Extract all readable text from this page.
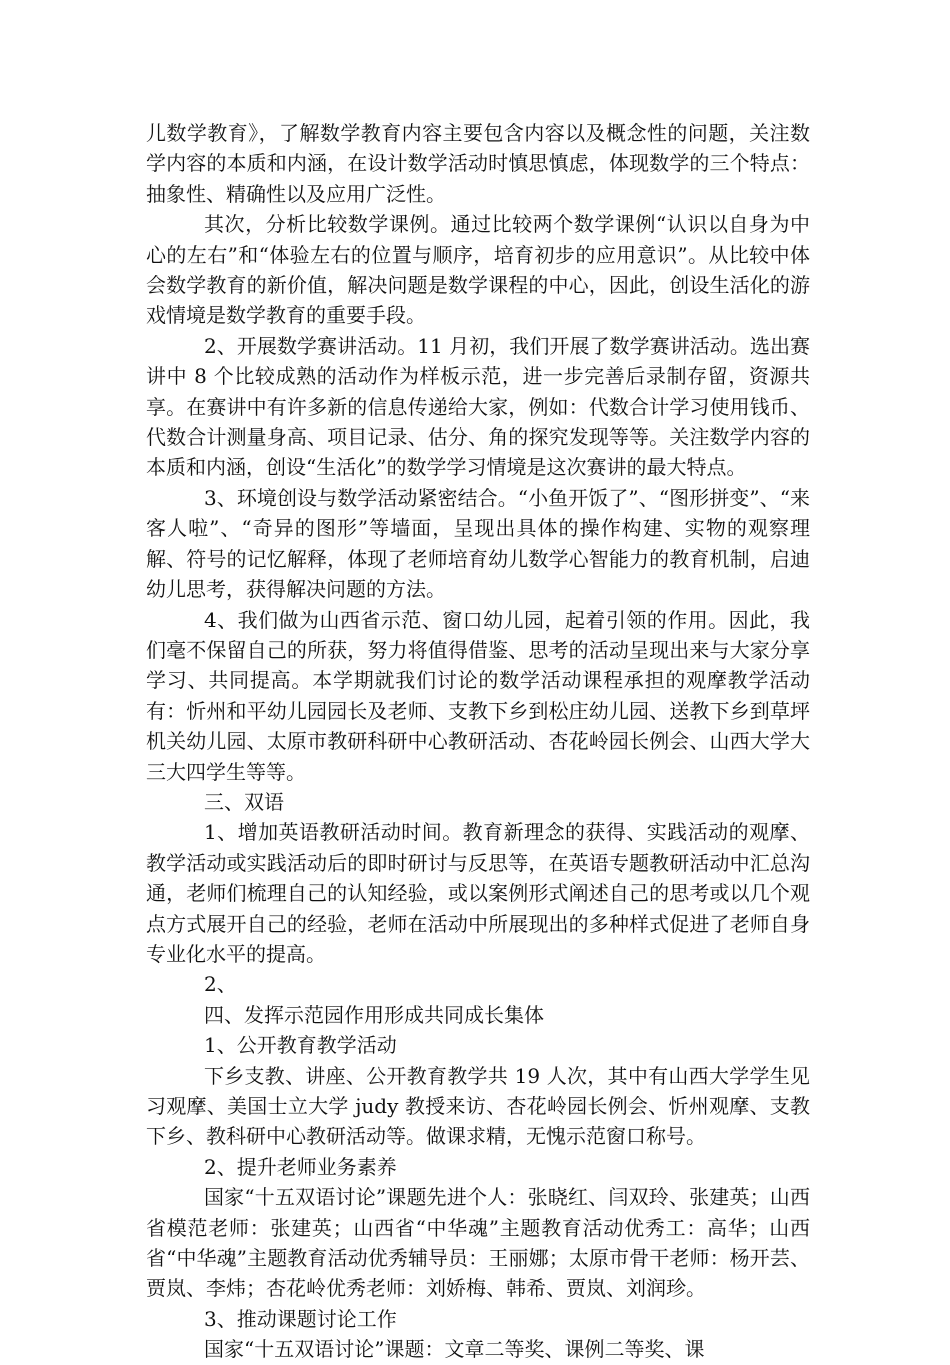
儿数学教育》，了解数学教育内容主要包含内容以及概念性的问题，关注数学内容的本质和内涵，在设计数学活动时慎思慎虑，体现数学的三个特点：抽象性、精确性以及应用广泛性。

其次，分析比较数学课例。通过比较两个数学课例“认识以自身为中心的左右”和“体验左右的位置与顺序，培育初步的应用意识”。从比较中体会数学教育的新价值，解决问题是数学课程的中心，因此，创设生活化的游戏情境是数学教育的重要手段。

2、开展数学赛讲活动。11 月初，我们开展了数学赛讲活动。选出赛讲中 8 个比较成熟的活动作为样板示范，进一步完善后录制存留，资源共享。在赛讲中有许多新的信息传递给大家，例如：代数合计学习使用钱币、代数合计测量身高、项目记录、估分、角的探究发现等等。关注数学内容的本质和内涵，创设“生活化”的数学学习情境是这次赛讲的最大特点。

3、环境创设与数学活动紧密结合。“小鱼开饭了”、“图形拼变”、“来客人啦”、“奇异的图形”等墙面，呈现出具体的操作构建、实物的观察理解、符号的记忆解释，体现了老师培育幼儿数学心智能力的教育机制，启迪幼儿思考，获得解决问题的方法。

4、我们做为山西省示范、窗口幼儿园，起着引领的作用。因此，我们毫不保留自己的所获，努力将值得借鉴、思考的活动呈现出来与大家分享学习、共同提高。本学期就我们讨论的数学活动课程承担的观摩教学活动有：忻州和平幼儿园园长及老师、支教下乡到松庄幼儿园、送教下乡到草坪机关幼儿园、太原市教研科研中心教研活动、杏花岭园长例会、山西大学大三大四学生等等。

三、双语

1、增加英语教研活动时间。教育新理念的获得、实践活动的观摩、教学活动或实践活动后的即时研讨与反思等，在英语专题教研活动中汇总沟通，老师们梳理自己的认知经验，或以案例形式阐述自己的思考或以几个观点方式展开自己的经验，老师在活动中所展现出的多种样式促进了老师自身专业化水平的提高。

2、

四、发挥示范园作用形成共同成长集体

1、公开教育教学活动

下乡支教、讲座、公开教育教学共 19 人次，其中有山西大学学生见习观摩、美国士立大学 judy 教授来访、杏花岭园长例会、忻州观摩、支教下乡、教科研中心教研活动等。做课求精，无愧示范窗口称号。

2、提升老师业务素养

国家“十五双语讨论”课题先进个人：张晓红、闫双玲、张建英；山西省模范老师：张建英；山西省“中华魂”主题教育活动优秀工：高华；山西省“中华魂”主题教育活动优秀辅导员：王丽娜；太原市骨干老师：杨开芸、贾岚、李炜；杏花岭优秀老师：刘娇梅、韩希、贾岚、刘润珍。

3、推动课题讨论工作

国家“十五双语讨论”课题：文章二等奖、课例二等奖、课
